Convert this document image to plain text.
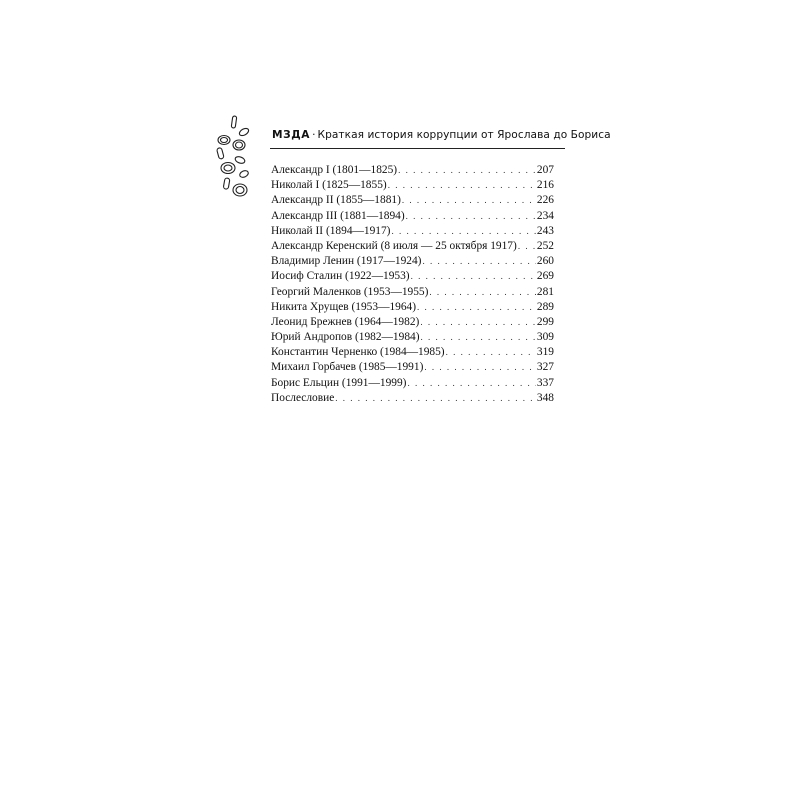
МЗДА · Краткая история коррупции от Ярослава до Бориса
Александр I (1801—1825) . . .	207
Николай I (1825—1855) . . .	216
Александр II (1855—1881) . . .	226
Александр III (1881—1894) . . .	234
Николай II (1894—1917) . . .	243
Александр Керенский (8 июля — 25 октября 1917) . . . 252
Владимир Ленин (1917—1924) . . .	260
Иосиф Сталин (1922—1953) . . .	269
Георгий Маленков (1953—1955) . . .	281
Никита Хрущев (1953—1964) . . .	289
Леонид Брежнев (1964—1982) . . .	299
Юрий Андропов (1982—1984) . . .	309
Константин Черненко (1984—1985) . . .	319
Михаил Горбачев (1985—1991) . . .	327
Борис Ельцин (1991—1999) . . .	337
Послесловие . . .	348
